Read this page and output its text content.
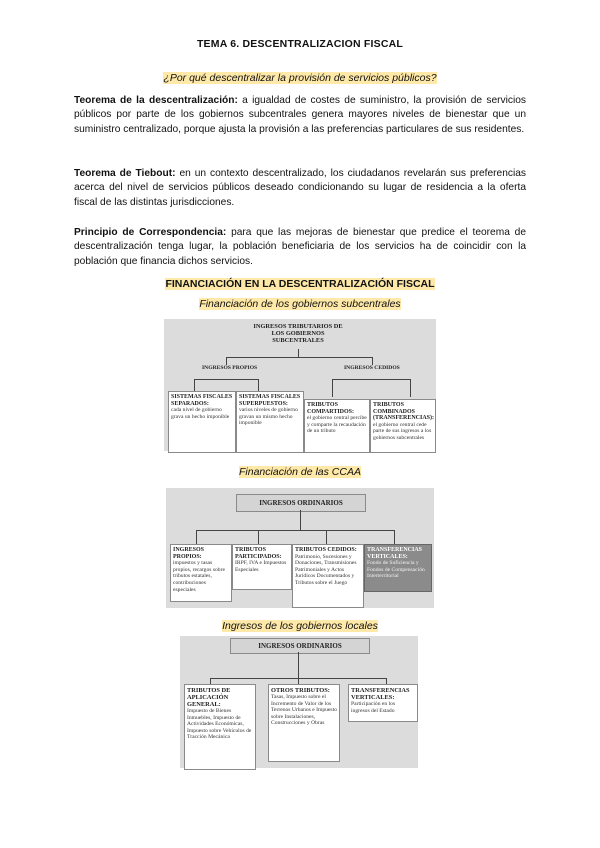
TEMA 6. DESCENTRALIZACION FISCAL
¿Por qué descentralizar la provisión de servicios públicos?
Teorema de la descentralización: a igualdad de costes de suministro, la provisión de servicios públicos por parte de los gobiernos subcentrales genera mayores niveles de bienestar que un suministro centralizado, porque ajusta la provisión a las preferencias particulares de sus residentes.
Teorema de Tiebout: en un contexto descentralizado, los ciudadanos revelarán sus preferencias acerca del nivel de servicios públicos deseado condicionando su lugar de residencia a la oferta fiscal de las distintas jurisdicciones.
Principio de Correspondencia: para que las mejoras de bienestar que predice el teorema de descentralización tenga lugar, la población beneficiaria de los servicios ha de coincidir con la población que financia dichos servicios.
FINANCIACIÓN EN LA DESCENTRALIZACIÓN FISCAL
Financiación de los gobiernos subcentrales
INGRESOS TRIBUTARIOS DE LOS GOBIERNOS SUBCENTRALES
INGRESOS PROPIOS	INGRESOS CEDIDOS
SISTEMAS FISCALES SEPARADOS:
cada nivel de gobierno grava un hecho imponible
SISTEMAS FISCALES SUPERPUESTOS:
varios niveles de gobierno gravan un mismo hecho imponible
TRIBUTOS COMPARTIDOS:
el gobierno central percibe y comparte la recaudación de un tributo
TRIBUTOS COMBINADOS (TRANSFERENCIAS):
el gobierno central cede parte de sus ingresos a los gobiernos subcentrales
Financiación de las CCAA
INGRESOS ORDINARIOS
INGRESOS PROPIOS:
impuestos y tasas propios, recargos sobre tributos estatales, contribuciones especiales
TRIBUTOS PARTICIPADOS:
IRPF, IVA e Impuestos Especiales
TRIBUTOS CEDIDOS:
Patrimonio, Sucesiones y Donaciones, Transmisiones Patrimoniales y Actos Jurídicos Documentados y Tributos sobre el Juego
TRANSFERENCIAS VERTICALES:
Fondo de Suficiencia y Fondos de Compensación Interterritorial
Ingresos de los gobiernos locales
INGRESOS ORDINARIOS
TRIBUTOS DE APLICACIÓN GENERAL:
Impuesto de Bienes Inmuebles, Impuesto de Actividades Económicas, Impuesto sobre Vehículos de Tracción Mecánica
OTROS TRIBUTOS:
Tasas, Impuesto sobre el Incremento de Valor de los Terrenos Urbanos e Impuesto sobre Instalaciones, Construcciones y Obras
TRANSFERENCIAS VERTICALES:
Participación en los ingresos del Estado
